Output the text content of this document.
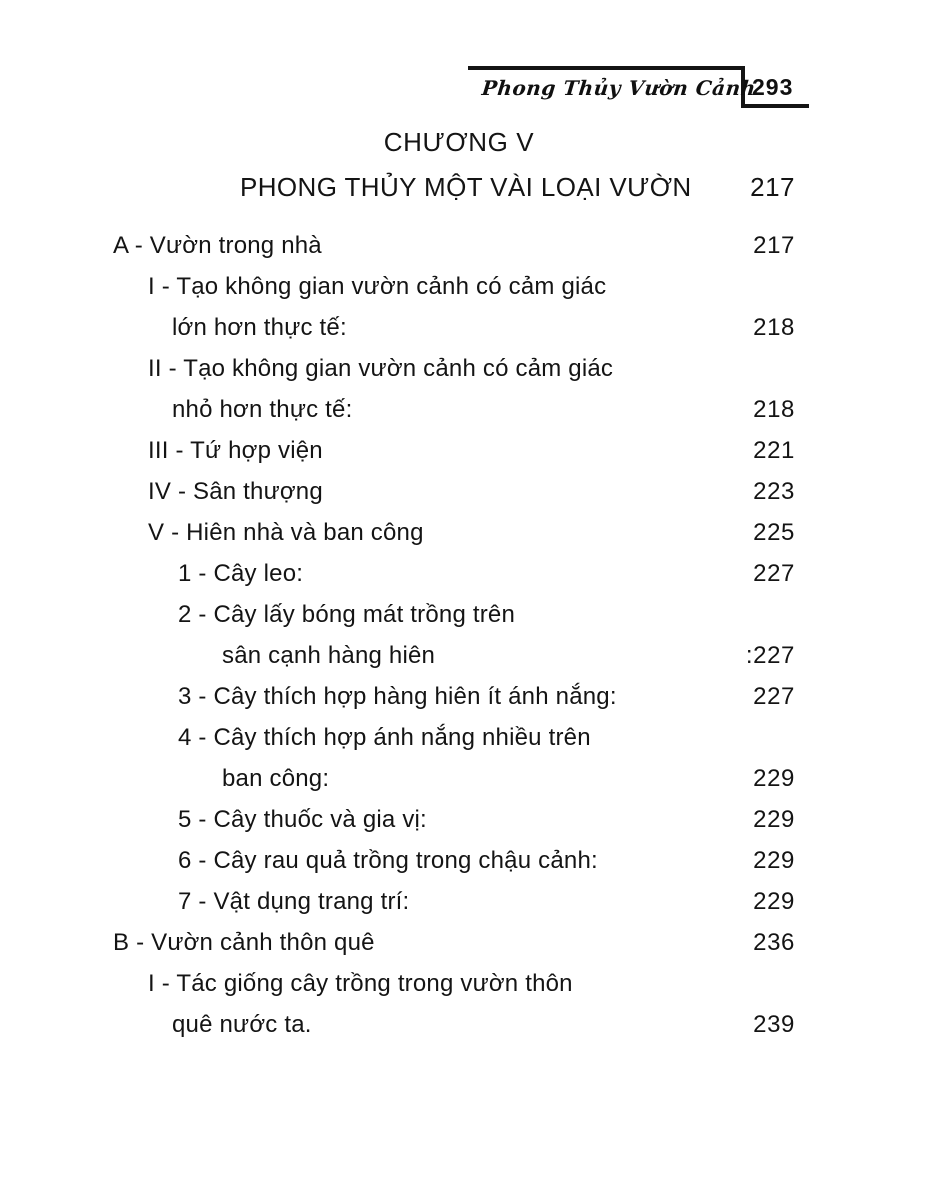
Phong Thủy Vườn Cảnh
293
CHƯƠNG V
PHONG THỦY MỘT VÀI LOẠI VƯỜN 217
A - Vườn trong nhà	217
I - Tạo không gian vườn cảnh có cảm giác
lớn hơn thực tế:	218
II - Tạo không gian vườn cảnh có cảm giác
nhỏ hơn thực tế:	218
III - Tứ hợp viện	221
IV - Sân thượng	223
V - Hiên nhà và ban công	225
1 - Cây leo:	227
2 - Cây lấy bóng mát trồng trên
sân cạnh hàng hiên	:227
3 - Cây thích hợp hàng hiên ít ánh nắng:	227
4 - Cây thích hợp ánh nắng nhiều trên
ban công:	229
5 - Cây thuốc và gia vị:	229
6 - Cây rau quả trồng trong chậu cảnh:	229
7 - Vật dụng trang trí:	229
B - Vườn cảnh thôn quê	236
I - Tác giống cây trồng trong vườn thôn
quê nước ta.	239
